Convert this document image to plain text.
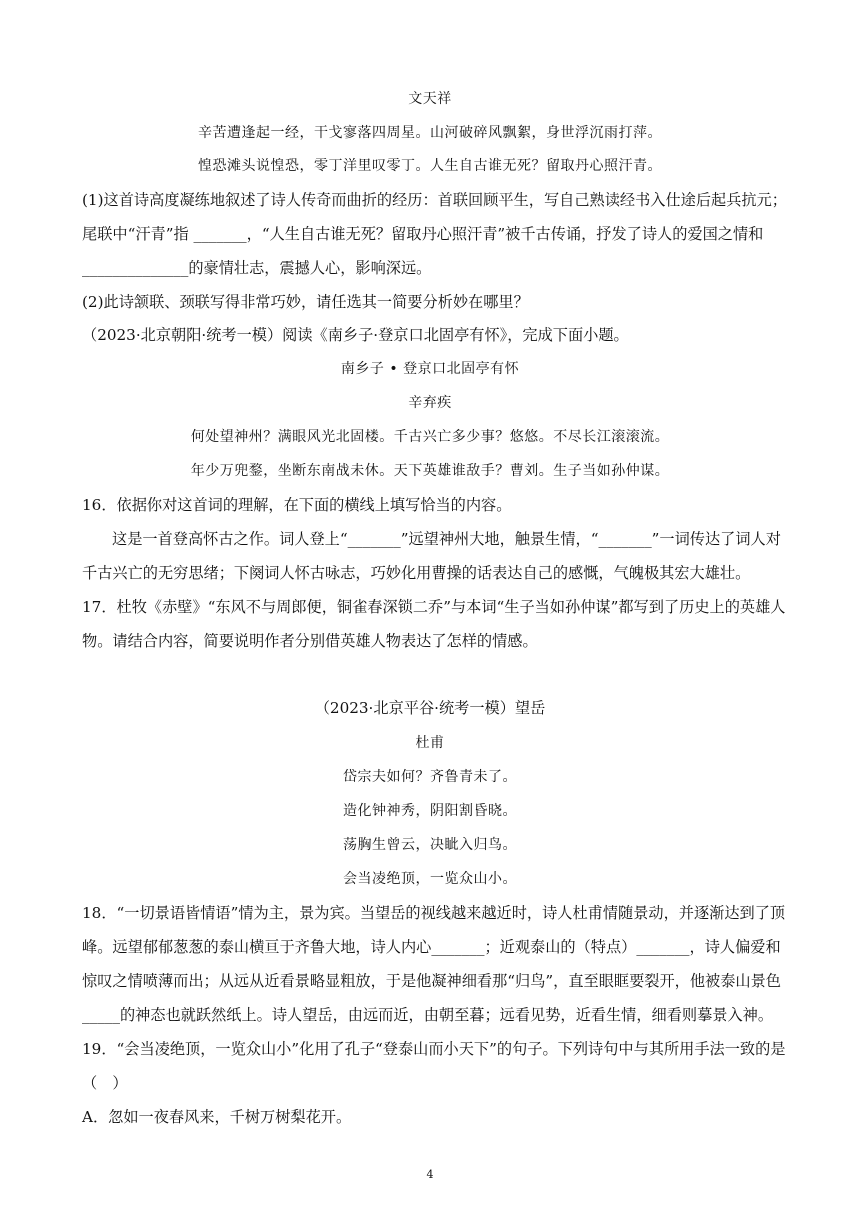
文天祥
辛苦遭逢起一经，干戈寥落四周星。山河破碎风飘絮，身世浮沉雨打萍。
惶恐滩头说惶恐，零丁洋里叹零丁。人生自古谁无死？留取丹心照汗青。
(1)这首诗高度凝练地叙述了诗人传奇而曲折的经历：首联回顾平生，写自己熟读经书入仕途后起兵抗元；
尾联中“汗青”指 _______，“人生自古谁无死？留取丹心照汗青”被千古传诵，抒发了诗人的爱国之情和
______________的豪情壮志，震撼人心，影响深远。
(2)此诗颔联、颈联写得非常巧妙，请任选其一简要分析妙在哪里？
（2023·北京朝阳·统考一模）阅读《南乡子·登京口北固亭有怀》，完成下面小题。
南乡子 • 登京口北固亭有怀
辛弃疾
何处望神州？满眼风光北固楼。千古兴亡多少事？悠悠。不尽长江滚滚流。
年少万兜鍪，坐断东南战未休。天下英雄谁敌手？曹刘。生子当如孙仲谋。
16．依据你对这首词的理解，在下面的横线上填写恰当的内容。
这是一首登高怀古之作。词人登上“_______”远望神州大地，触景生情，“_______”一词传达了词人对
千古兴亡的无穷思绪；下阕词人怀古咏志，巧妙化用曹操的话表达自己的感慨，气魄极其宏大雄壮。
17．杜牧《赤壁》“东风不与周郎便，铜雀春深锁二乔”与本词“生子当如孙仲谋”都写到了历史上的英雄人
物。请结合内容，简要说明作者分别借英雄人物表达了怎样的情感。
（2023·北京平谷·统考一模）望岳
杜甫
岱宗夫如何？齐鲁青未了。
造化钟神秀，阴阳割昏晓。
荡胸生曾云，决眦入归鸟。
会当凌绝顶，一览众山小。
18．“一切景语皆情语”情为主，景为宾。当望岳的视线越来越近时，诗人杜甫情随景动，并逐渐达到了顶
峰。远望郁郁葱葱的泰山横亘于齐鲁大地，诗人内心_______；近观泰山的（特点）_______，诗人偏爱和
惊叹之情喷薄而出；从远从近看景略显粗放，于是他凝神细看那“归鸟”，直至眼眶要裂开，他被泰山景色
_____的神态也就跃然纸上。诗人望岳，由远而近，由朝至暮；远看见势，近看生情，细看则摹景入神。
19．“会当凌绝顶，一览众山小”化用了孔子“登泰山而小天下”的句子。下列诗句中与其所用手法一致的是
（　）
A．忽如一夜春风来，千树万树梨花开。
4
